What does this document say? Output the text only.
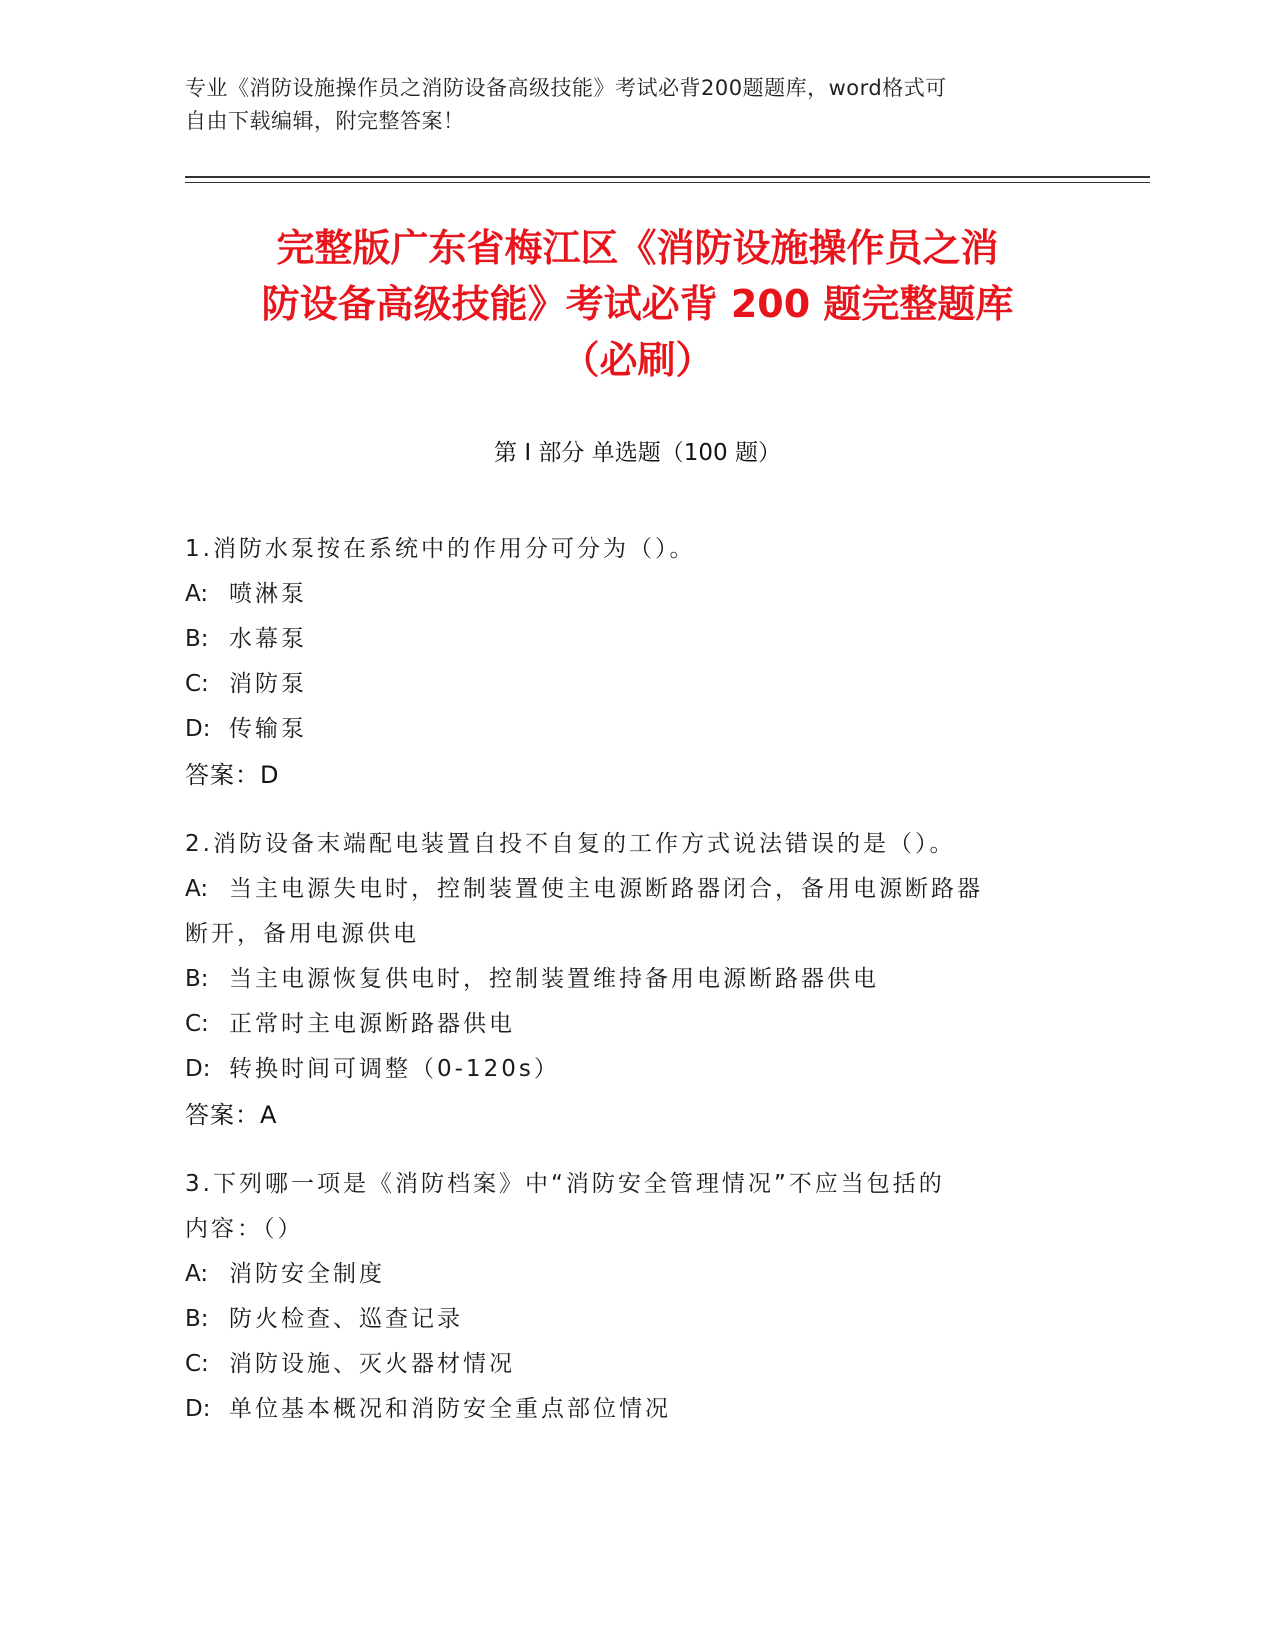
专业《消防设施操作员之消防设备高级技能》考试必背200题题库，word格式可
自由下载编辑，附完整答案！
完整版广东省梅江区《消防设施操作员之消
防设备高级技能》考试必背 200 题完整题库
（必刷）
第 I 部分 单选题（100 题）
1.消防水泵按在系统中的作用分可分为（）。
A: 喷淋泵
B: 水幕泵
C: 消防泵
D: 传输泵
答案：D
2.消防设备末端配电装置自投不自复的工作方式说法错误的是（）。
A: 当主电源失电时，控制装置使主电源断路器闭合，备用电源断路器
断开，备用电源供电
B: 当主电源恢复供电时，控制装置维持备用电源断路器供电
C: 正常时主电源断路器供电
D: 转换时间可调整（0-120s）
答案：A
3.下列哪一项是《消防档案》中“消防安全管理情况”不应当包括的
内容：（）
A: 消防安全制度
B: 防火检查、巡查记录
C: 消防设施、灭火器材情况
D: 单位基本概况和消防安全重点部位情况
